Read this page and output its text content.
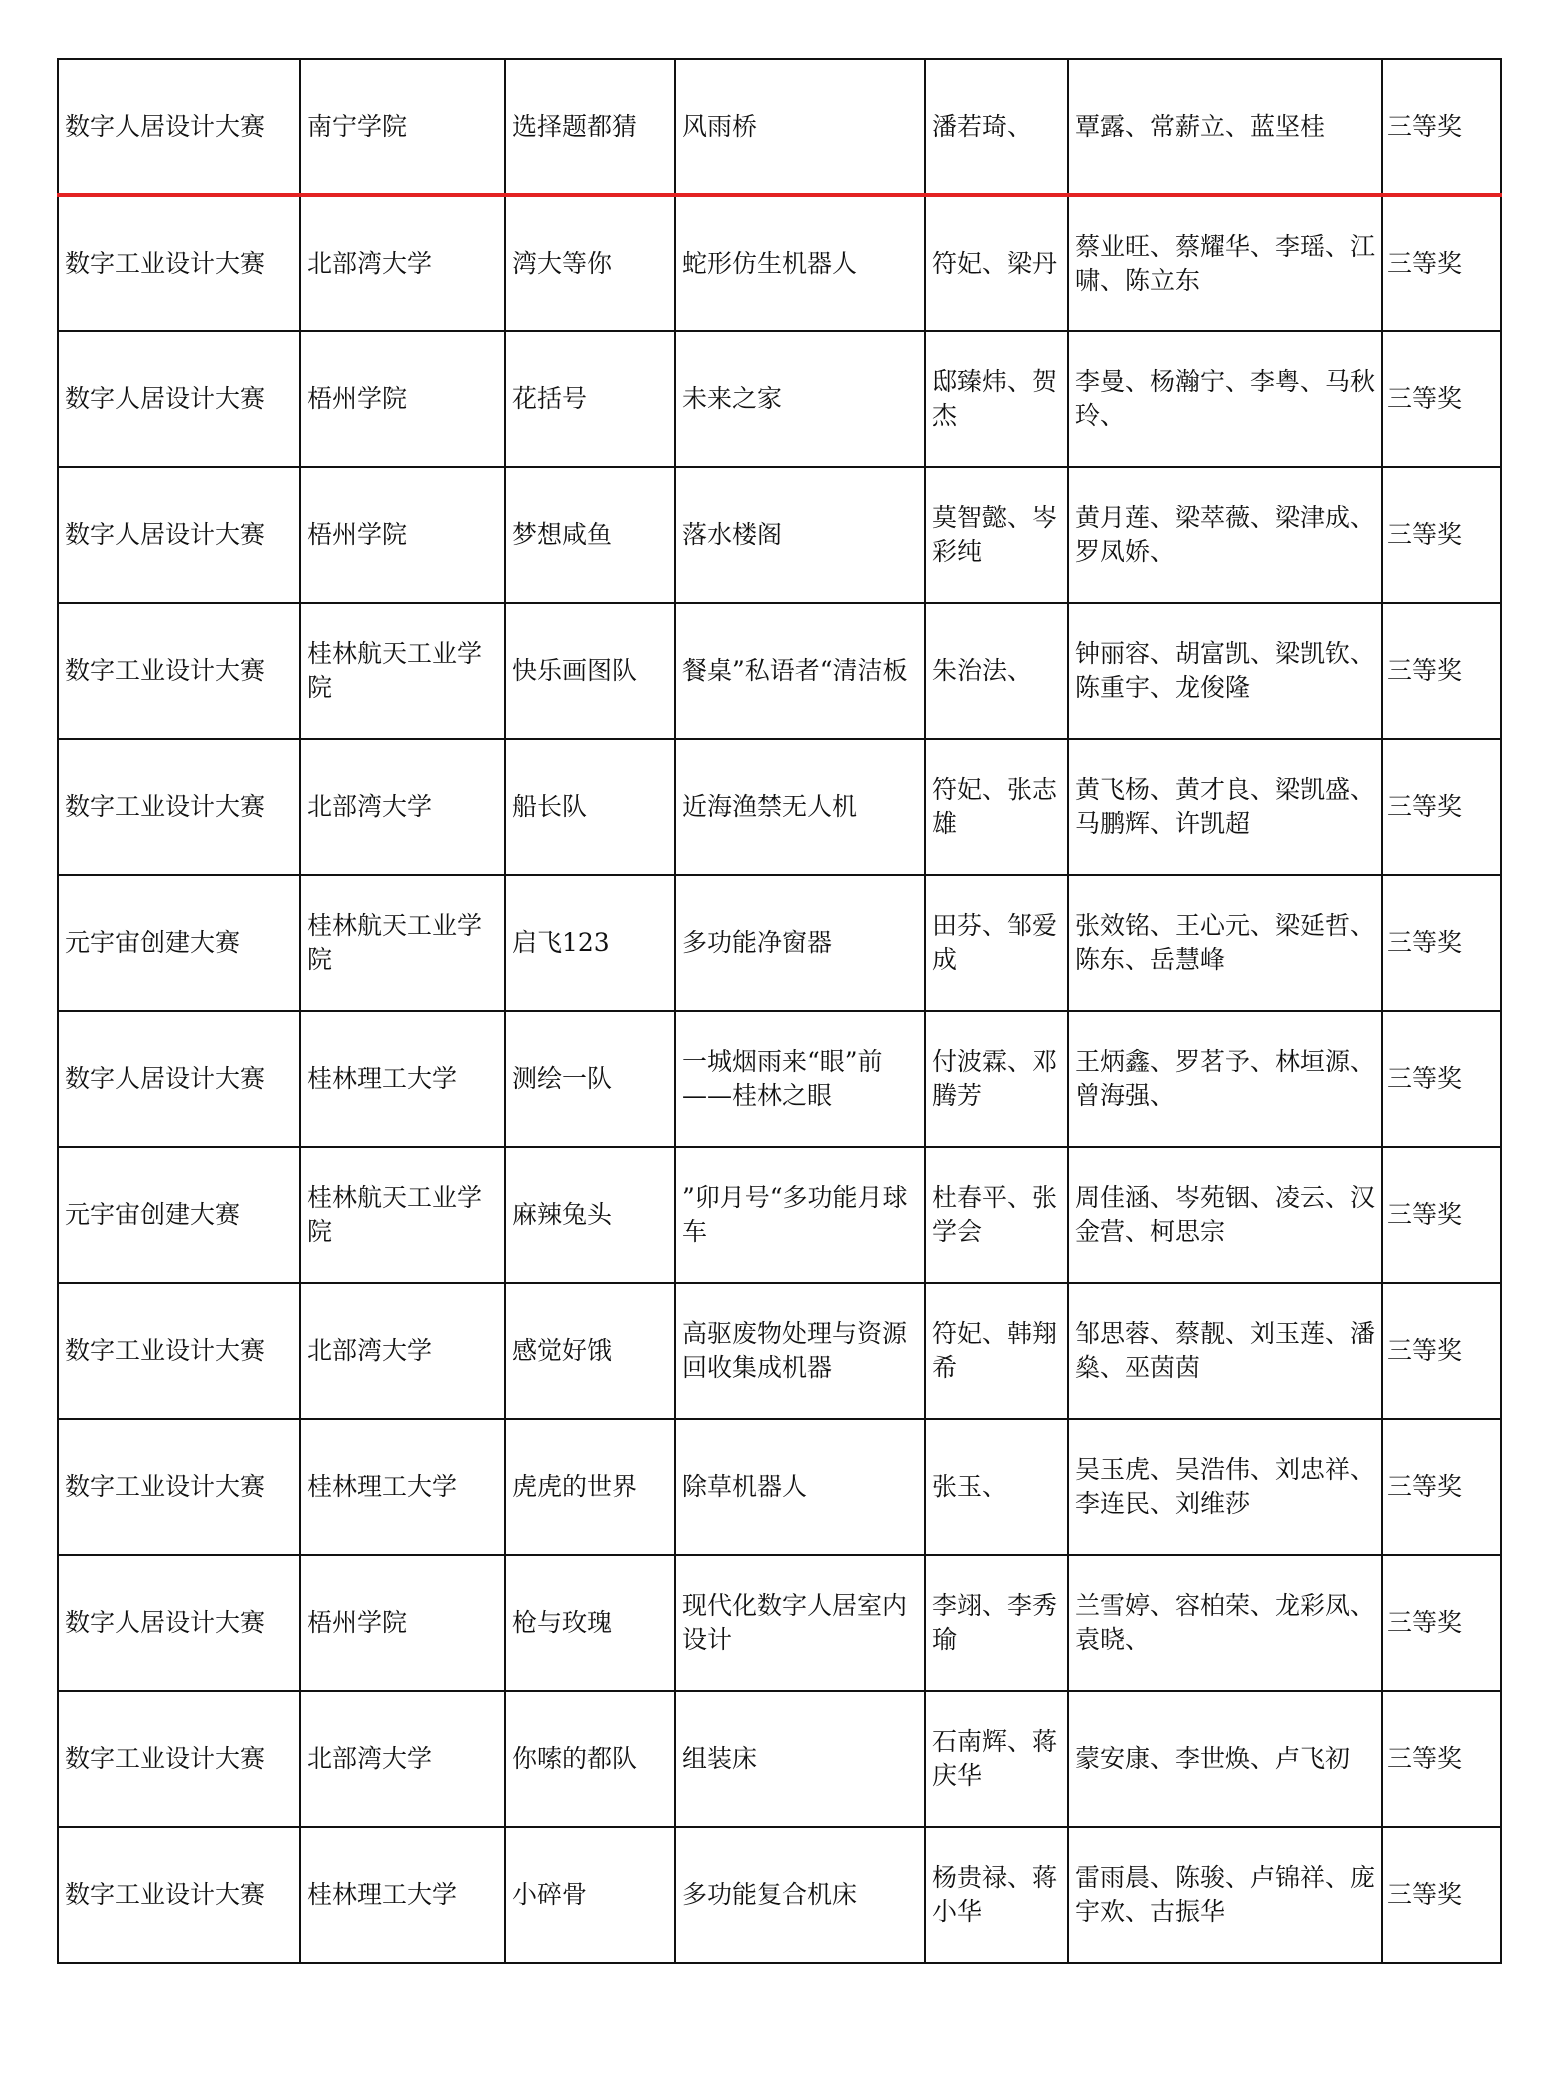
数字人居设计大赛	南宁学院	选择题都猜	风雨桥	潘若琦、	覃露、常薪立、蓝坚桂	三等奖
数字工业设计大赛	北部湾大学	湾大等你	蛇形仿生机器人	符妃、梁丹	蔡业旺、蔡耀华、李瑶、江啸、陈立东	三等奖
数字人居设计大赛	梧州学院	花括号	未来之家	邸臻炜、贺杰	李曼、杨瀚宁、李粤、马秋玲、	三等奖
数字人居设计大赛	梧州学院	梦想咸鱼	落水楼阁	莫智懿、岑彩纯	黄月莲、梁萃薇、梁津成、罗凤娇、	三等奖
数字工业设计大赛	桂林航天工业学院	快乐画图队	餐桌”私语者“清洁板	朱治法、	钟丽容、胡富凯、梁凯钦、陈重宇、龙俊隆	三等奖
数字工业设计大赛	北部湾大学	船长队	近海渔禁无人机	符妃、张志雄	黄飞杨、黄才良、梁凯盛、马鹏辉、许凯超	三等奖
元宇宙创建大赛	桂林航天工业学院	启飞123	多功能净窗器	田芬、邹爱成	张效铭、王心元、梁延哲、陈东、岳慧峰	三等奖
数字人居设计大赛	桂林理工大学	测绘一队	一城烟雨来“眼”前——桂林之眼	付波霖、邓腾芳	王炳鑫、罗茗予、林垣源、曾海强、	三等奖
元宇宙创建大赛	桂林航天工业学院	麻辣兔头	”卯月号“多功能月球车	杜春平、张学会	周佳涵、岑苑铟、凌云、汉金营、柯思宗	三等奖
数字工业设计大赛	北部湾大学	感觉好饿	高驱废物处理与资源回收集成机器	符妃、韩翔希	邹思蓉、蔡靓、刘玉莲、潘燊、巫茵茵	三等奖
数字工业设计大赛	桂林理工大学	虎虎的世界	除草机器人	张玉、	吴玉虎、吴浩伟、刘忠祥、李连民、刘维莎	三等奖
数字人居设计大赛	梧州学院	枪与玫瑰	现代化数字人居室内设计	李翊、李秀瑜	兰雪婷、容柏荣、龙彩凤、袁晓、	三等奖
数字工业设计大赛	北部湾大学	你嗦的都队	组装床	石南辉、蒋庆华	蒙安康、李世焕、卢飞初	三等奖
数字工业设计大赛	桂林理工大学	小碎骨	多功能复合机床	杨贵禄、蒋小华	雷雨晨、陈骏、卢锦祥、庞宇欢、古振华	三等奖
